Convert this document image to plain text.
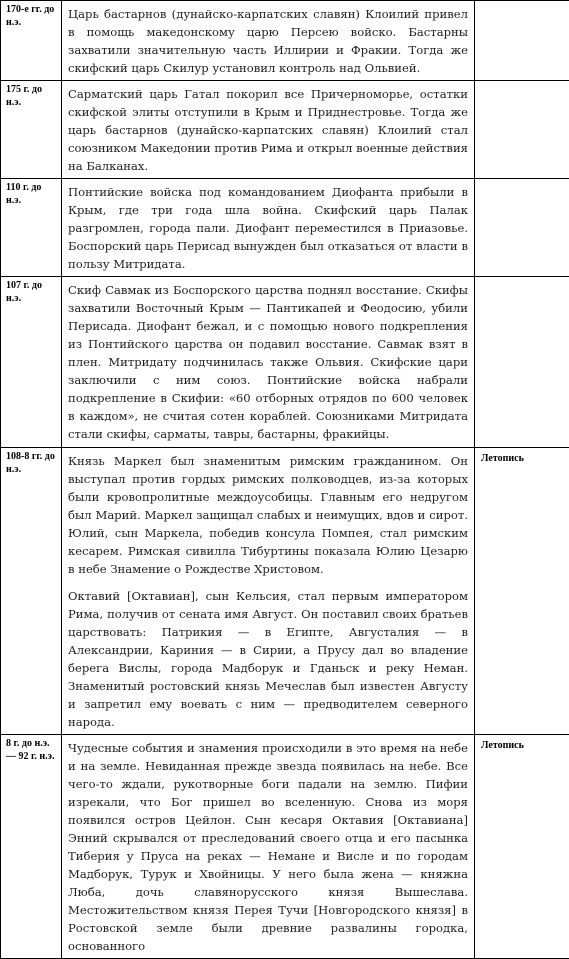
170-е гг. до н.э.	Царь бастарнов (дунайско-карпатских славян) Клоилий привел в помощь македонскому царю Персею войско. Бастарны захватили значительную часть Иллирии и Фракии. Тогда же скифский царь Скилур установил контроль над Ольвией.	

175 г. до н.э.	Сарматский царь Гатал покорил все Причерноморье, остатки скифской элиты отступили в Крым и Приднестровье. Тогда же царь бастарнов (дунайско-карпатских славян) Клоилий стал союзником Македонии против Рима и открыл военные действия на Балканах.	

110 г. до н.э.	Понтийские войска под командованием Диофанта прибыли в Крым, где три года шла война. Скифский царь Палак разгромлен, города пали. Диофант переместился в Приазовье. Боспорский царь Перисад вынужден был отказаться от власти в пользу Митридата.	

107 г. до н.э.	Скиф Савмак из Боспорского царства поднял восстание. Скифы захватили Восточный Крым — Пантикапей и Феодосию, убили Перисада. Диофант бежал, и с помощью нового подкрепления из Понтийского царства он подавил восстание. Савмак взят в плен. Митридату подчинилась также Ольвия. Скифские цари заключили с ним союз. Понтийские войска набрали подкрепление в Скифии: «60 отборных отрядов по 600 человек в каждом», не считая сотен кораблей. Союзниками Митридата стали скифы, сарматы, тавры, бастарны, фракийцы.	

108-8 гг. до н.э.	Князь Маркел был знаменитым римским гражданином. Он выступал против гордых римских полководцев, из-за которых были кровопролитные междоусобицы. Главным его недругом был Марий. Маркел защищал слабых и неимущих, вдов и сирот. Юлий, сын Маркела, победив консула Помпея, стал римским кесарем. Римская сивилла Тибуртины показала Юлию Цезарю в небе Знамение о Рождестве Христовом.

Октавий [Октавиан], сын Кельсия, стал первым императором Рима, получив от сената имя Август. Он поставил своих братьев царствовать: Патрикия — в Египте, Августалия — в Александрии, Кариния — в Сирии, а Прусу дал во владение берега Вислы, города Мадборук и Гданьск и реку Неман. Знаменитый ростовский князь Мечеслав был известен Августу и запретил ему воевать с ним — предводителем северного народа.	Летопись

8 г. до н.э. — 92 г. н.э.	Чудесные события и знамения происходили в это время на небе и на земле. Невиданная прежде звезда появилась на небе. Все чего-то ждали, рукотворные боги падали на землю. Пифии изрекали, что Бог пришел во вселенную. Снова из моря появился остров Цейлон. Сын кесаря Октавия [Октавиана] Энний скрывался от преследований своего отца и его пасынка Тиберия у Пруса на реках — Немане и Висле и по городам Мадборук, Турук и Хвойницы. У него была жена — княжна Люба, дочь славянорусского князя Вышеслава. Местожительством князя Перея Тучи [Новгородского князя] в Ростовской земле были древние развалины городка, основанного	Летопись
